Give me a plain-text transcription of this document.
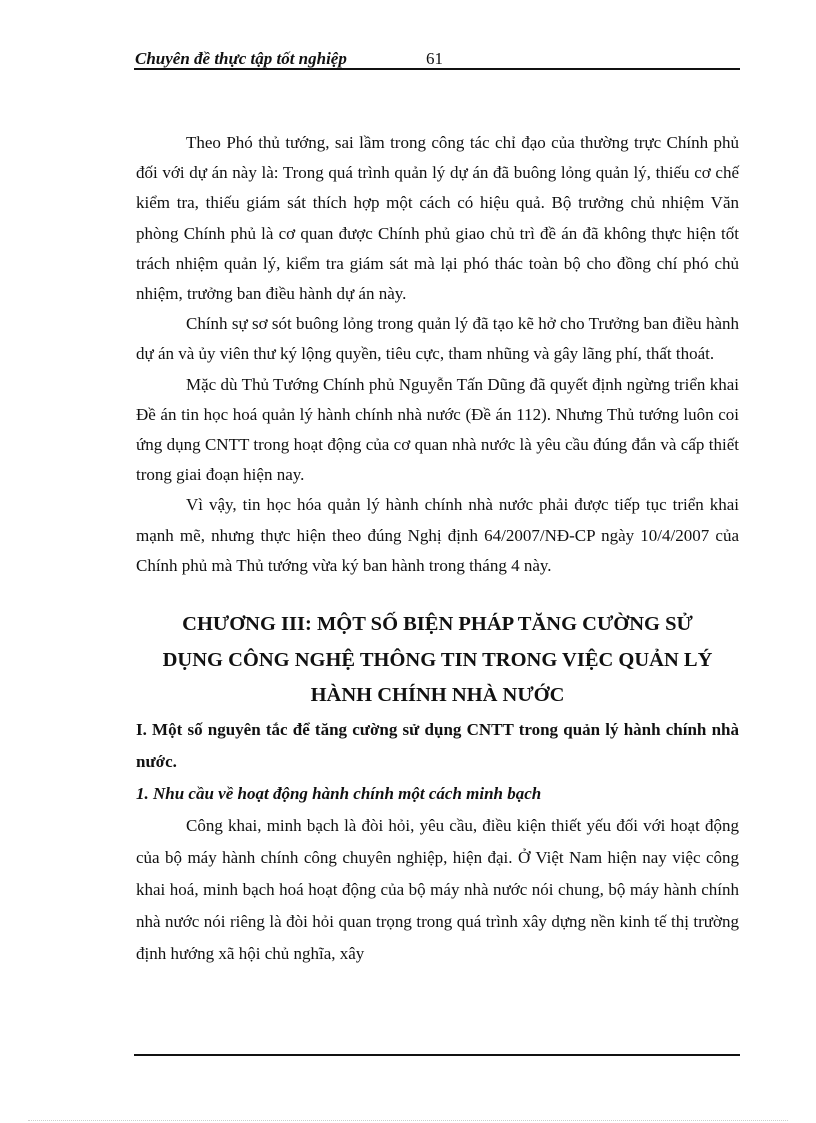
Chuyên đề thực tập tốt nghiệp	61

Theo Phó thủ tướng, sai lầm trong công tác chỉ đạo của thường trực Chính phủ đối với dự án này là: Trong quá trình quản lý dự án đã buông lỏng quản lý, thiếu cơ chế kiểm tra, thiếu giám sát thích hợp một cách có hiệu quả. Bộ trưởng chủ nhiệm Văn phòng Chính phủ là cơ quan được Chính phủ giao chủ trì đề án đã không thực hiện tốt trách nhiệm quản lý, kiểm tra giám sát mà lại phó thác toàn bộ cho đồng chí phó chủ nhiệm, trưởng ban điều hành dự án này.

Chính sự sơ sót buông lỏng trong quản lý đã tạo kẽ hở cho Trưởng ban điều hành dự án và ủy viên thư ký lộng quyền, tiêu cực, tham nhũng và gây lãng phí, thất thoát.

Mặc dù Thủ Tướng Chính phủ Nguyễn Tấn Dũng đã quyết định ngừng triển khai Đề án tin học hoá quản lý hành chính nhà nước (Đề án 112). Nhưng Thủ tướng luôn coi ứng dụng CNTT trong hoạt động của cơ quan nhà nước là yêu cầu đúng đắn và cấp thiết trong giai đoạn hiện nay.

Vì vậy, tin học hóa quản lý hành chính nhà nước phải được tiếp tục triển khai mạnh mẽ, nhưng thực hiện theo đúng Nghị định 64/2007/NĐ-CP ngày 10/4/2007 của Chính phủ mà Thủ tướng vừa ký ban hành trong tháng 4 này.

CHƯƠNG III: MỘT SỐ BIỆN PHÁP TĂNG CƯỜNG SỬ
DỤNG CÔNG NGHỆ THÔNG TIN TRONG VIỆC QUẢN LÝ
HÀNH CHÍNH NHÀ NƯỚC

I. Một số nguyên tắc để tăng cường sử dụng CNTT trong quản lý hành chính nhà nước.

1. Nhu cầu về hoạt động hành chính một cách minh bạch

Công khai, minh bạch là đòi hỏi, yêu cầu, điều kiện thiết yếu đối với hoạt động của bộ máy hành chính công chuyên nghiệp, hiện đại. Ở Việt Nam hiện nay việc công khai hoá, minh bạch hoá hoạt động của bộ máy nhà nước nói chung, bộ máy hành chính nhà nước nói riêng là đòi hỏi quan trọng trong quá trình xây dựng nền kinh tế thị trường định hướng xã hội chủ nghĩa, xây
